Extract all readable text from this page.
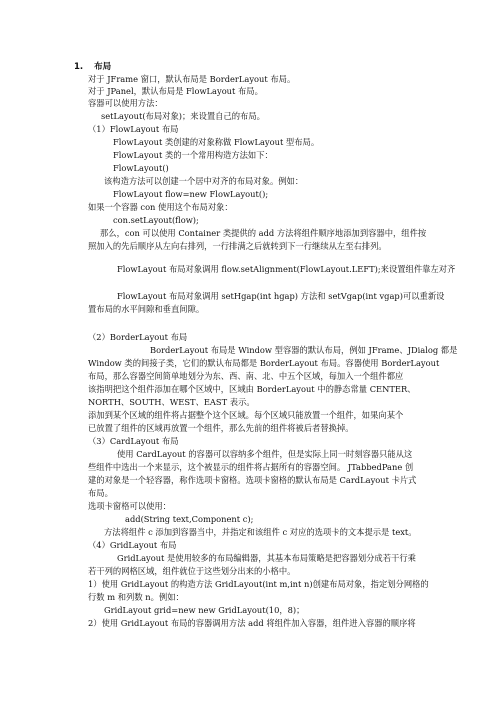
1. 布局
对于 JFrame 窗口，默认布局是 BorderLayout 布局。
对于 JPanel，默认布局是 FlowLayout 布局。
容器可以使用方法：
setLayout(布局对象)；来设置自己的布局。
（1）FlowLayout 布局
FlowLayout 类创建的对象称做 FlowLayout 型布局。
FlowLayout 类的一个常用构造方法如下：
FlowLayout()
该构造方法可以创建一个居中对齐的布局对象。例如：
FlowLayout flow=new FlowLayout();
如果一个容器 con 使用这个布局对象：
con.setLayout(flow);
那么，con 可以使用 Container 类提供的 add 方法将组件顺序地添加到容器中，组件按
照加入的先后顺序从左向右排列，一行排满之后就转到下一行继续从左至右排列。
FlowLayout 布局对象调用 flow.setAlignment(FlowLayout.LEFT);来设置组件靠左对齐
FlowLayout 布局对象调用 setHgap(int hgap) 方法和 setVgap(int vgap)可以重新设
置布局的水平间隙和垂直间隙。
（2）BorderLayout 布局
BorderLayout 布局是 Window 型容器的默认布局，例如 JFrame、JDialog 都是
Window 类的间接子类，它们的默认布局都是 BorderLayout 布局。容器使用 BorderLayout
布局，那么容器空间简单地划分为东、西、南、北、中五个区域，每加入一个组件都应
该指明把这个组件添加在哪个区域中，区域由 BorderLayout 中的静态常量 CENTER、
NORTH、SOUTH、WEST、EAST 表示。
添加到某个区域的组件将占据整个这个区域。每个区域只能放置一个组件，如果向某个
已放置了组件的区域再放置一个组件，那么先前的组件将被后者替换掉。
（3）CardLayout 布局
使用 CardLayout 的容器可以容纳多个组件，但是实际上同一时刻容器只能从这
些组件中选出一个来显示，这个被显示的组件将占据所有的容器空间。 JTabbedPane 创
建的对象是一个轻容器，称作选项卡窗格。选项卡窗格的默认布局是 CardLayout 卡片式
布局。
选项卡窗格可以使用：
add(String text,Component c);
方法将组件 c 添加到容器当中，并指定和该组件 c 对应的选项卡的文本提示是 text。
（4）GridLayout 布局
GridLayout 是使用较多的布局编辑器，其基本布局策略是把容器划分成若干行乘
若干列的网格区域，组件就位于这些划分出来的小格中。
1）使用 GridLayout 的构造方法 GridLayout(int m,int n)创建布局对象，指定划分网格的
行数 m 和列数 n。例如：
GridLayout grid=new new GridLayout(10，8)；
2）使用 GridLayout 布局的容器调用方法 add 将组件加入容器，组件进入容器的顺序将
